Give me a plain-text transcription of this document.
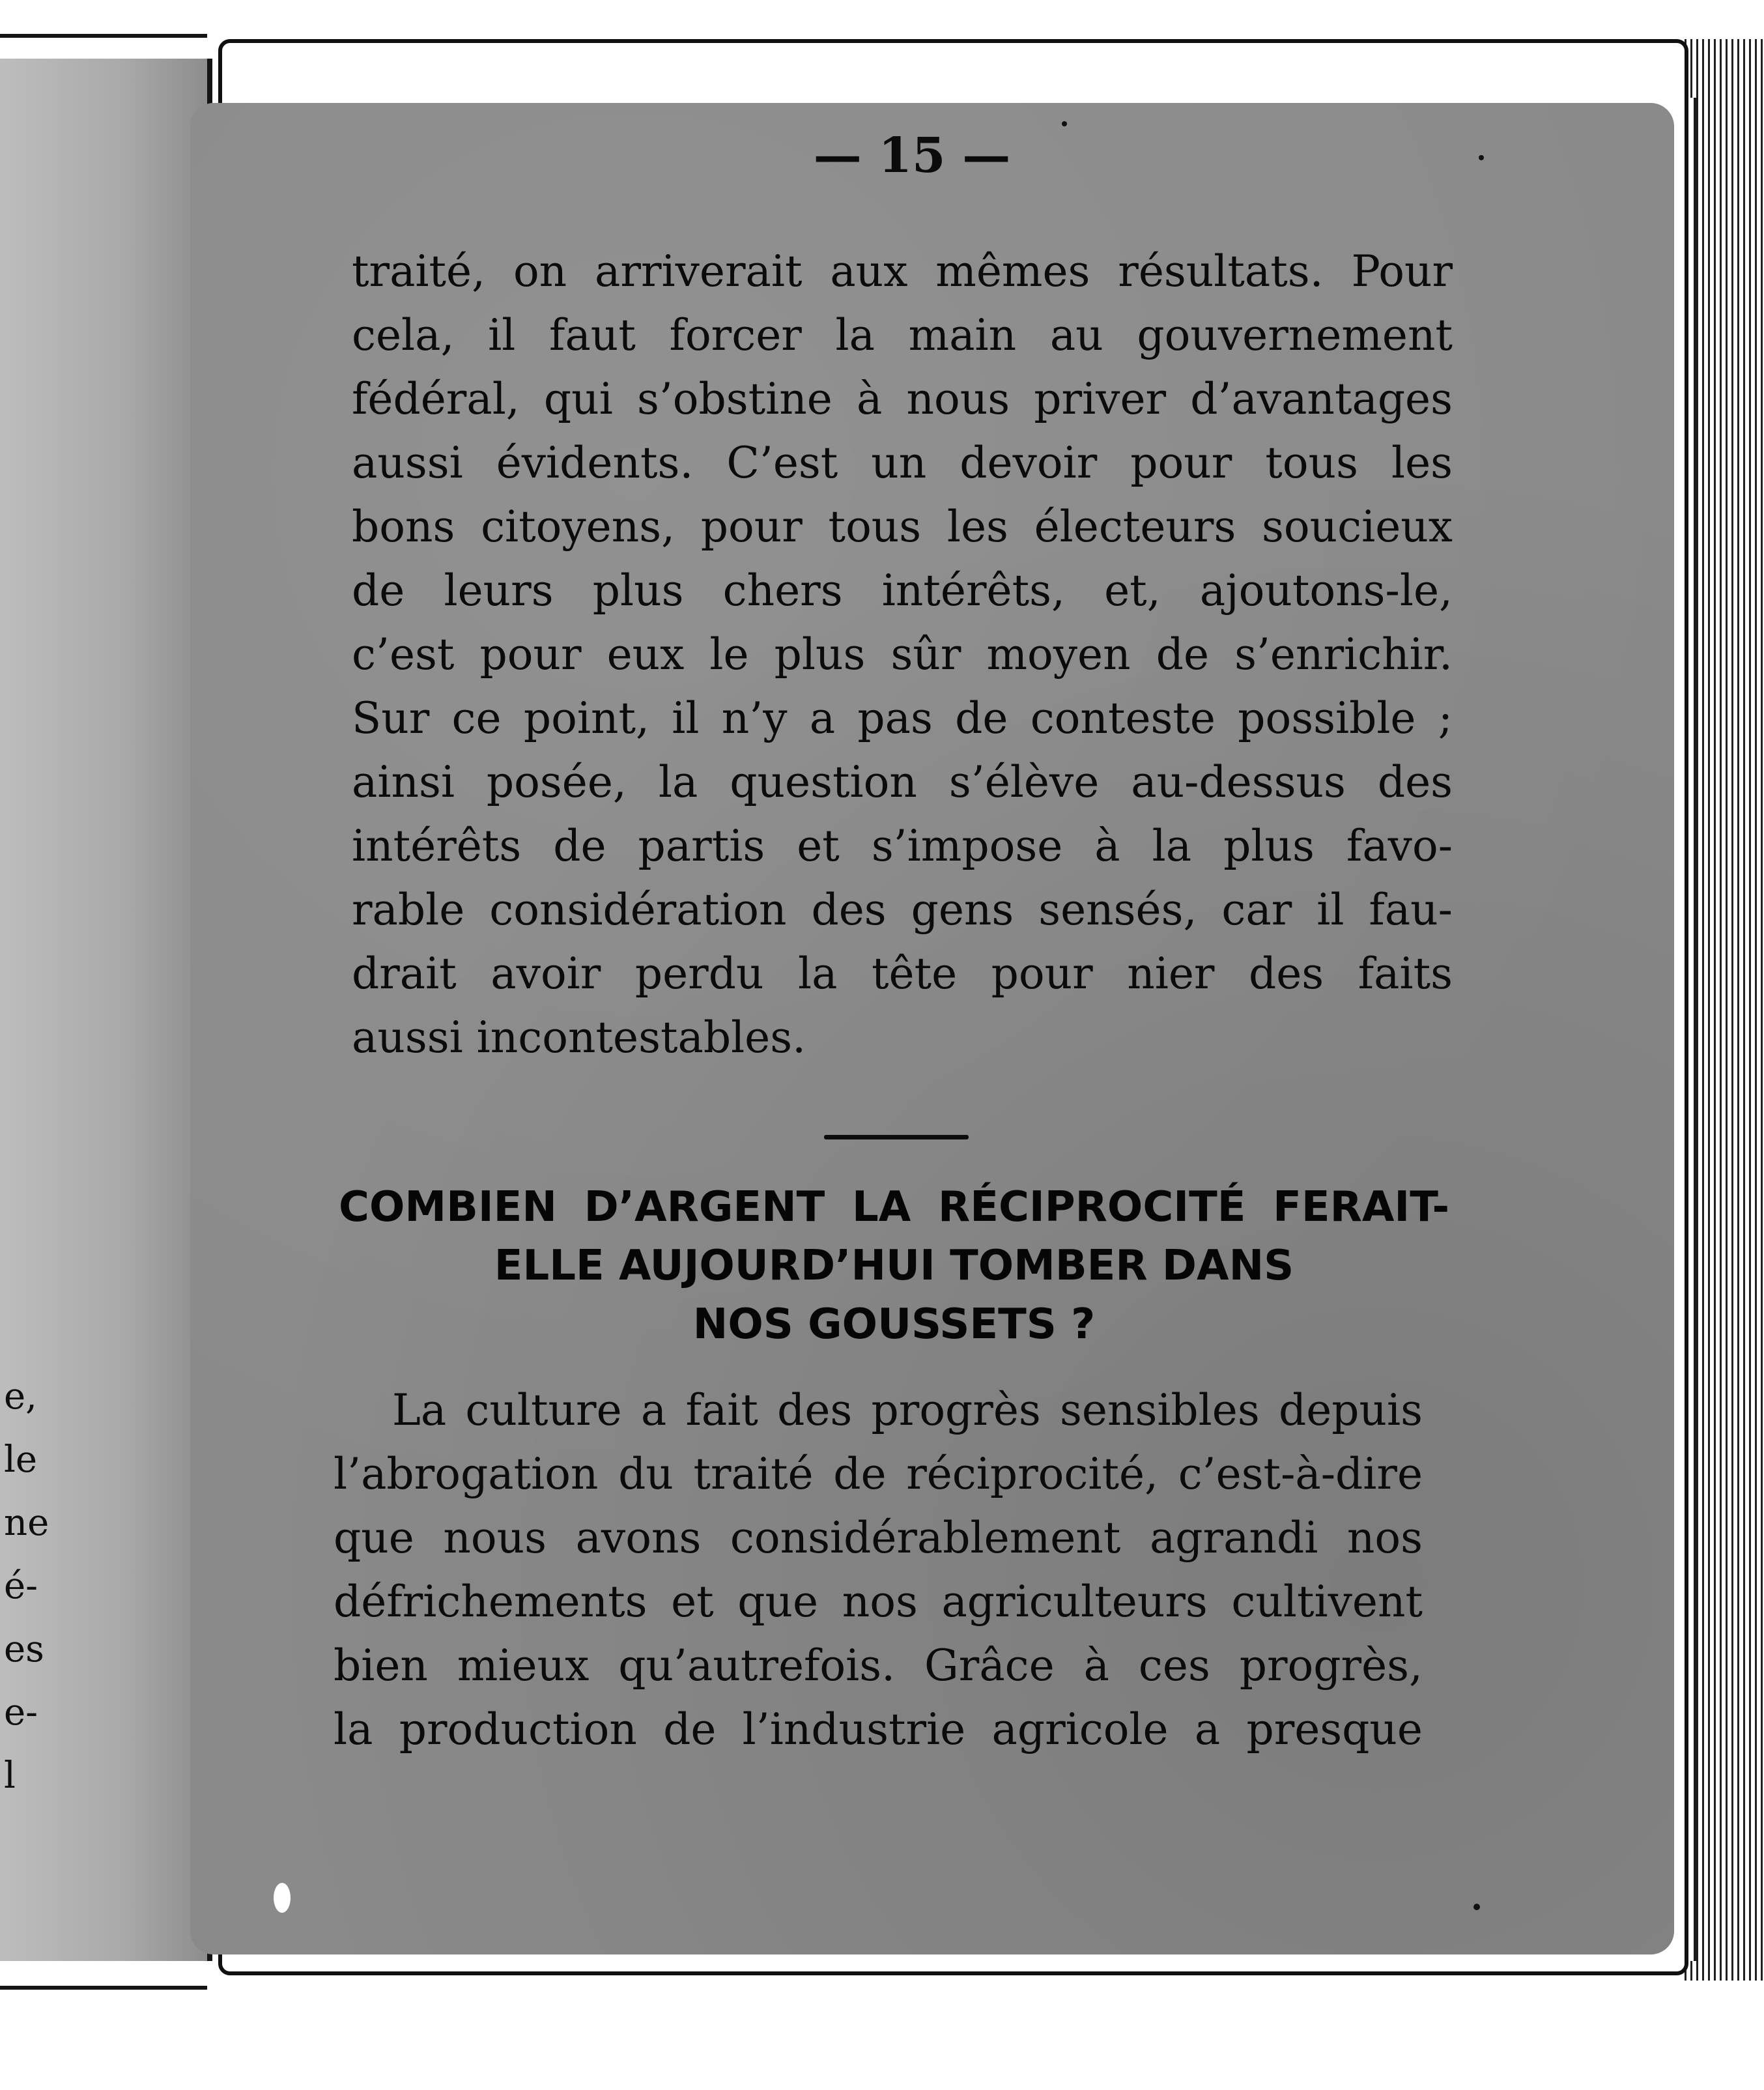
e,
le
ne
é-
es
e-
l

— 15 —

traité, on arriverait aux mêmes résultats. Pour
cela, il faut forcer la main au gouvernement
fédéral, qui s’obstine à nous priver d’avantages
aussi évidents. C’est un devoir pour tous les
bons citoyens, pour tous les électeurs soucieux
de leurs plus chers intérêts, et, ajoutons-le,
c’est pour eux le plus sûr moyen de s’enrichir.
Sur ce point, il n’y a pas de conteste possible ;
ainsi posée, la question s’élève au-dessus des
intérêts de partis et s’impose à la plus favo-
rable considération des gens sensés, car il fau-
drait avoir perdu la tête pour nier des faits
aussi incontestables.

COMBIEN D’ARGENT LA RÉCIPROCITÉ FERAIT-
ELLE AUJOURD’HUI TOMBER DANS
NOS GOUSSETS ?

La culture a fait des progrès sensibles depuis
l’abrogation du traité de réciprocité, c’est-à-dire
que nous avons considérablement agrandi nos
défrichements et que nos agriculteurs cultivent
bien mieux qu’autrefois. Grâce à ces progrès,
la production de l’industrie agricole a presque
